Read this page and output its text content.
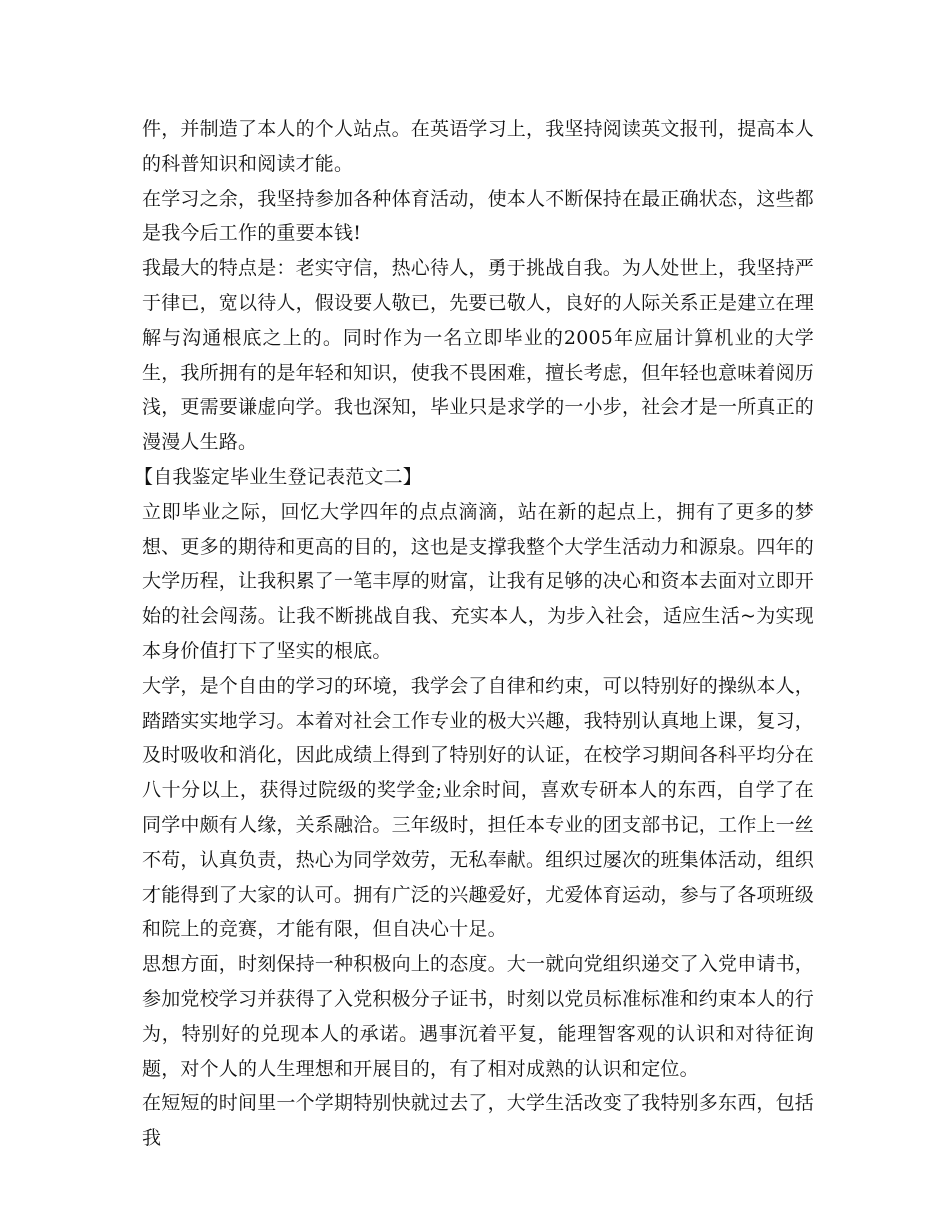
件，并制造了本人的个人站点。在英语学习上，我坚持阅读英文报刊，提高本人的科普知识和阅读才能。

在学习之余，我坚持参加各种体育活动，使本人不断保持在最正确状态，这些都是我今后工作的重要本钱!

我最大的特点是：老实守信，热心待人，勇于挑战自我。为人处世上，我坚持严于律已，宽以待人，假设要人敬已，先要已敬人，良好的人际关系正是建立在理解与沟通根底之上的。同时作为一名立即毕业的2005年应届计算机业的大学生，我所拥有的是年轻和知识，使我不畏困难，擅长考虑，但年轻也意味着阅历浅，更需要谦虚向学。我也深知，毕业只是求学的一小步，社会才是一所真正的漫漫人生路。

【自我鉴定毕业生登记表范文二】

立即毕业之际，回忆大学四年的点点滴滴，站在新的起点上，拥有了更多的梦想、更多的期待和更高的目的，这也是支撑我整个大学生活动力和源泉。四年的大学历程，让我积累了一笔丰厚的财富，让我有足够的决心和资本去面对立即开始的社会闯荡。让我不断挑战自我、充实本人，为步入社会，适应生活~为实现本身价值打下了坚实的根底。

大学，是个自由的学习的环境，我学会了自律和约束，可以特别好的操纵本人，踏踏实实地学习。本着对社会工作专业的极大兴趣，我特别认真地上课，复习，及时吸收和消化，因此成绩上得到了特别好的认证，在校学习期间各科平均分在八十分以上，获得过院级的奖学金;业余时间，喜欢专研本人的东西，自学了在同学中颇有人缘，关系融洽。三年级时，担任本专业的团支部书记，工作上一丝不苟，认真负责，热心为同学效劳，无私奉献。组织过屡次的班集体活动，组织才能得到了大家的认可。拥有广泛的兴趣爱好，尤爱体育运动，参与了各项班级和院上的竞赛，才能有限，但自决心十足。

思想方面，时刻保持一种积极向上的态度。大一就向党组织递交了入党申请书，参加党校学习并获得了入党积极分子证书，时刻以党员标准标准和约束本人的行为，特别好的兑现本人的承诺。遇事沉着平复，能理智客观的认识和对待征询题，对个人的人生理想和开展目的，有了相对成熟的认识和定位。

在短短的时间里一个学期特别快就过去了，大学生活改变了我特别多东西，包括我
